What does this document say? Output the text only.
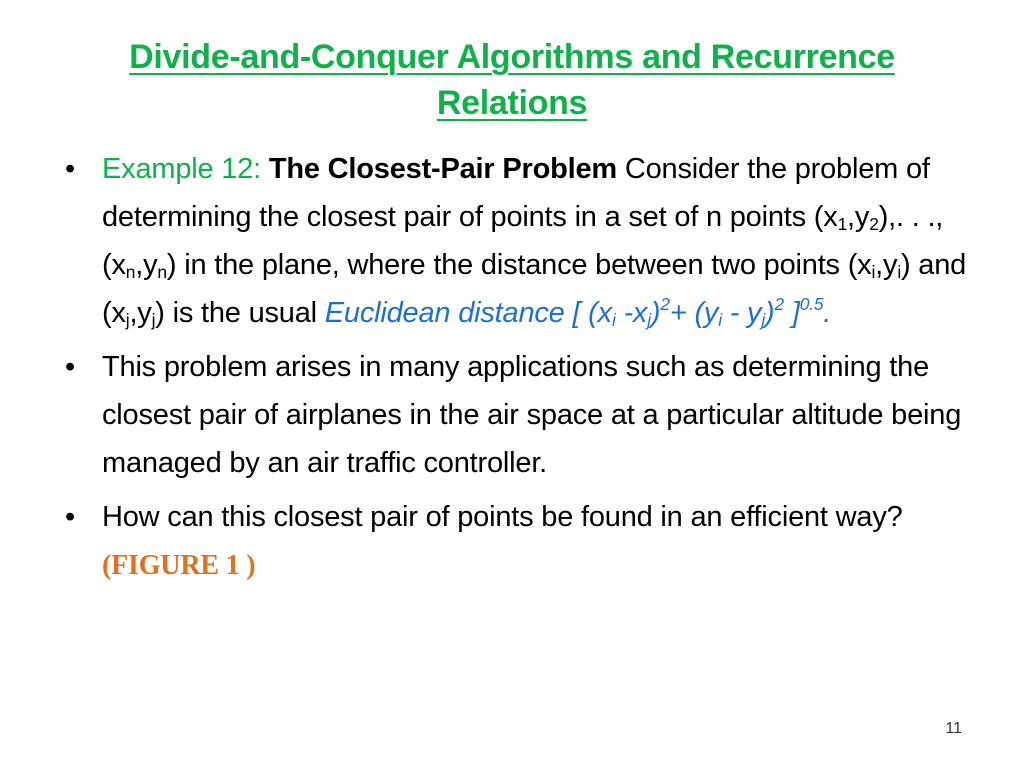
Divide-and-Conquer Algorithms and Recurrence
Relations
• Example 12: The Closest-Pair Problem Consider the problem of determining the closest pair of points in a set of n points $(x_1,y_2)$,. . ., $(x_n,y_n)$ in the plane, where the distance between two points $(x_i,y_i)$ and $(x_j,y_j)$ is the usual Euclidean distance [ ($x_i$ $-x_j)^2+ (y_i - y_j)^2$ ]$^{0.5}$.
• This problem arises in many applications such as determining the closest pair of airplanes in the air space at a particular altitude being managed by an air traffic controller.
• How can this closest pair of points be found in an efficient way? (FIGURE 1 )
11
